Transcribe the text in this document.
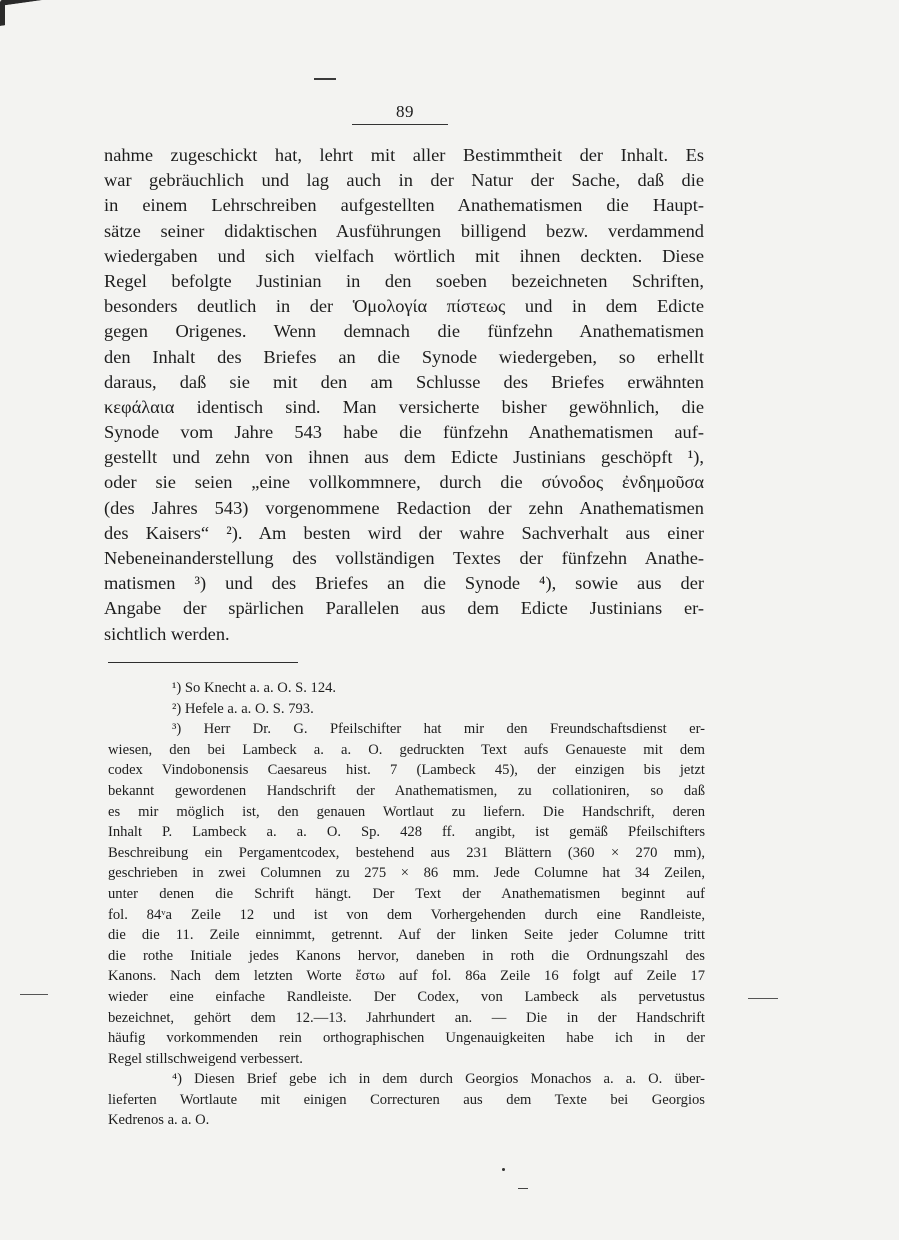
89
nahme zugeschickt hat, lehrt mit aller Bestimmtheit der Inhalt. Es
war gebräuchlich und lag auch in der Natur der Sache, daß die
in einem Lehrschreiben aufgestellten Anathematismen die Haupt-
sätze seiner didaktischen Ausführungen billigend bezw. verdammend
wiedergaben und sich vielfach wörtlich mit ihnen deckten. Diese
Regel befolgte Justinian in den soeben bezeichneten Schriften,
besonders deutlich in der Ὁμολογία πίστεως und in dem Edicte
gegen Origenes. Wenn demnach die fünfzehn Anathematismen
den Inhalt des Briefes an die Synode wiedergeben, so erhellt
daraus, daß sie mit den am Schlusse des Briefes erwähnten
κεφάλαια identisch sind. Man versicherte bisher gewöhnlich, die
Synode vom Jahre 543 habe die fünfzehn Anathematismen auf-
gestellt und zehn von ihnen aus dem Edicte Justinians geschöpft ¹),
oder sie seien „eine vollkommnere, durch die σύνοδος ἐνδημοῦσα
(des Jahres 543) vorgenommene Redaction der zehn Anathematismen
des Kaisers“ ²). Am besten wird der wahre Sachverhalt aus einer
Nebeneinanderstellung des vollständigen Textes der fünfzehn Anathe-
matismen ³) und des Briefes an die Synode ⁴), sowie aus der
Angabe der spärlichen Parallelen aus dem Edicte Justinians er-
sichtlich werden.
¹) So Knecht a. a. O. S. 124.
²) Hefele a. a. O. S. 793.
³) Herr Dr. G. Pfeilschifter hat mir den Freundschaftsdienst er-
wiesen, den bei Lambeck a. a. O. gedruckten Text aufs Genaueste mit dem
codex Vindobonensis Caesareus hist. 7 (Lambeck 45), der einzigen bis jetzt
bekannt gewordenen Handschrift der Anathematismen, zu collationiren, so daß
es mir möglich ist, den genauen Wortlaut zu liefern. Die Handschrift, deren
Inhalt P. Lambeck a. a. O. Sp. 428 ff. angibt, ist gemäß Pfeilschifters
Beschreibung ein Pergamentcodex, bestehend aus 231 Blättern (360 × 270 mm),
geschrieben in zwei Columnen zu 275 × 86 mm. Jede Columne hat 34 Zeilen,
unter denen die Schrift hängt. Der Text der Anathematismen beginnt auf
fol. 84ᵛa Zeile 12 und ist von dem Vorhergehenden durch eine Randleiste,
die die 11. Zeile einnimmt, getrennt. Auf der linken Seite jeder Columne tritt
die rothe Initiale jedes Kanons hervor, daneben in roth die Ordnungszahl des
Kanons. Nach dem letzten Worte ἔστω auf fol. 86a Zeile 16 folgt auf Zeile 17
wieder eine einfache Randleiste. Der Codex, von Lambeck als pervetustus
bezeichnet, gehört dem 12.—13. Jahrhundert an. — Die in der Handschrift
häufig vorkommenden rein orthographischen Ungenauigkeiten habe ich in der
Regel stillschweigend verbessert.
⁴) Diesen Brief gebe ich in dem durch Georgios Monachos a. a. O. über-
lieferten Wortlaute mit einigen Correcturen aus dem Texte bei Georgios
Kedrenos a. a. O.
